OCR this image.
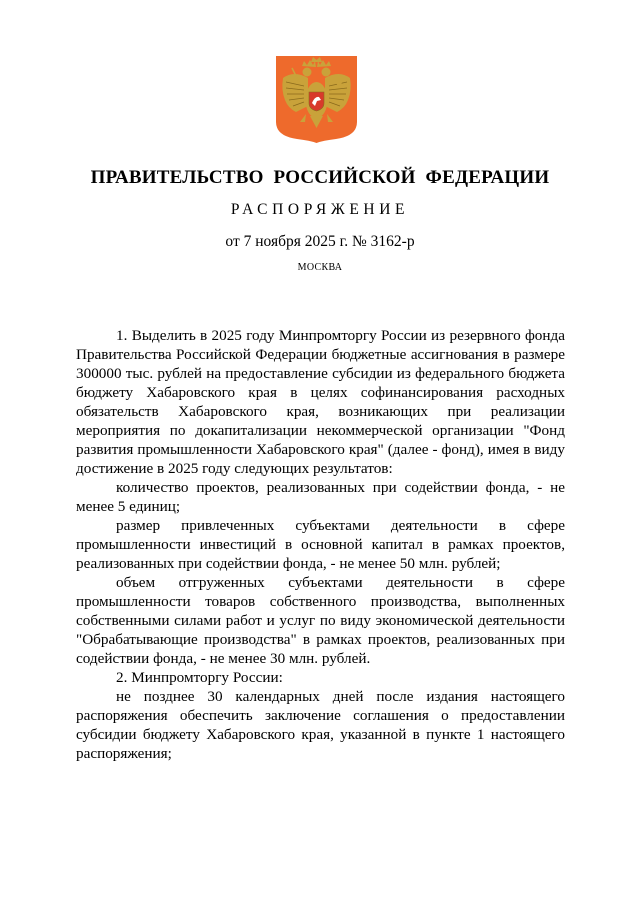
ПРАВИТЕЛЬСТВО РОССИЙСКОЙ ФЕДЕРАЦИИ
РАСПОРЯЖЕНИЕ
от 7 ноября 2025 г. № 3162-р
МОСКВА

1. Выделить в 2025 году Минпромторгу России из резервного фонда Правительства Российской Федерации бюджетные ассигнования в размере 300000 тыс. рублей на предоставление субсидии из федерального бюджета бюджету Хабаровского края в целях софинансирования расходных обязательств Хабаровского края, возникающих при реализации мероприятия по докапитализации некоммерческой организации "Фонд развития промышленности Хабаровского края" (далее - фонд), имея в виду достижение в 2025 году следующих результатов:

количество проектов, реализованных при содействии фонда, - не менее 5 единиц;

размер привлеченных субъектами деятельности в сфере промышленности инвестиций в основной капитал в рамках проектов, реализованных при содействии фонда, - не менее 50 млн. рублей;

объем отгруженных субъектами деятельности в сфере промышленности товаров собственного производства, выполненных собственными силами работ и услуг по виду экономической деятельности "Обрабатывающие производства" в рамках проектов, реализованных при содействии фонда, - не менее 30 млн. рублей.

2. Минпромторгу России:

не позднее 30 календарных дней после издания настоящего распоряжения обеспечить заключение соглашения о предоставлении субсидии бюджету Хабаровского края, указанной в пункте 1 настоящего распоряжения;
